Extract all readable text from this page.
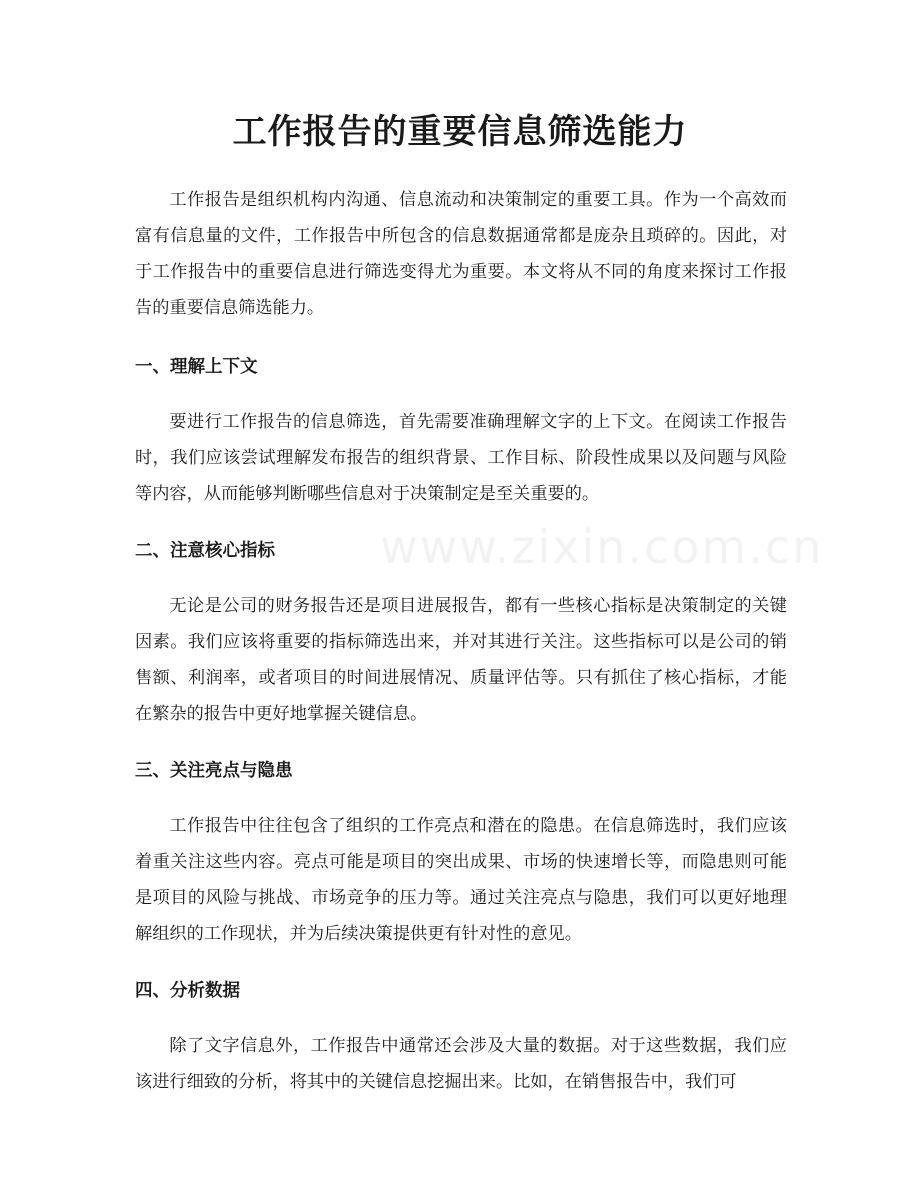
www.zixin.com.cn
工作报告的重要信息筛选能力

工作报告是组织机构内沟通、信息流动和决策制定的重要工具。作为一个高效而富有信息量的文件，工作报告中所包含的信息数据通常都是庞杂且琐碎的。因此，对于工作报告中的重要信息进行筛选变得尤为重要。本文将从不同的角度来探讨工作报告的重要信息筛选能力。

一、理解上下文

要进行工作报告的信息筛选，首先需要准确理解文字的上下文。在阅读工作报告时，我们应该尝试理解发布报告的组织背景、工作目标、阶段性成果以及问题与风险等内容，从而能够判断哪些信息对于决策制定是至关重要的。

二、注意核心指标

无论是公司的财务报告还是项目进展报告，都有一些核心指标是决策制定的关键因素。我们应该将重要的指标筛选出来，并对其进行关注。这些指标可以是公司的销售额、利润率，或者项目的时间进展情况、质量评估等。只有抓住了核心指标，才能在繁杂的报告中更好地掌握关键信息。

三、关注亮点与隐患

工作报告中往往包含了组织的工作亮点和潜在的隐患。在信息筛选时，我们应该着重关注这些内容。亮点可能是项目的突出成果、市场的快速增长等，而隐患则可能是项目的风险与挑战、市场竞争的压力等。通过关注亮点与隐患，我们可以更好地理解组织的工作现状，并为后续决策提供更有针对性的意见。

四、分析数据

除了文字信息外，工作报告中通常还会涉及大量的数据。对于这些数据，我们应该进行细致的分析，将其中的关键信息挖掘出来。比如，在销售报告中，我们可
